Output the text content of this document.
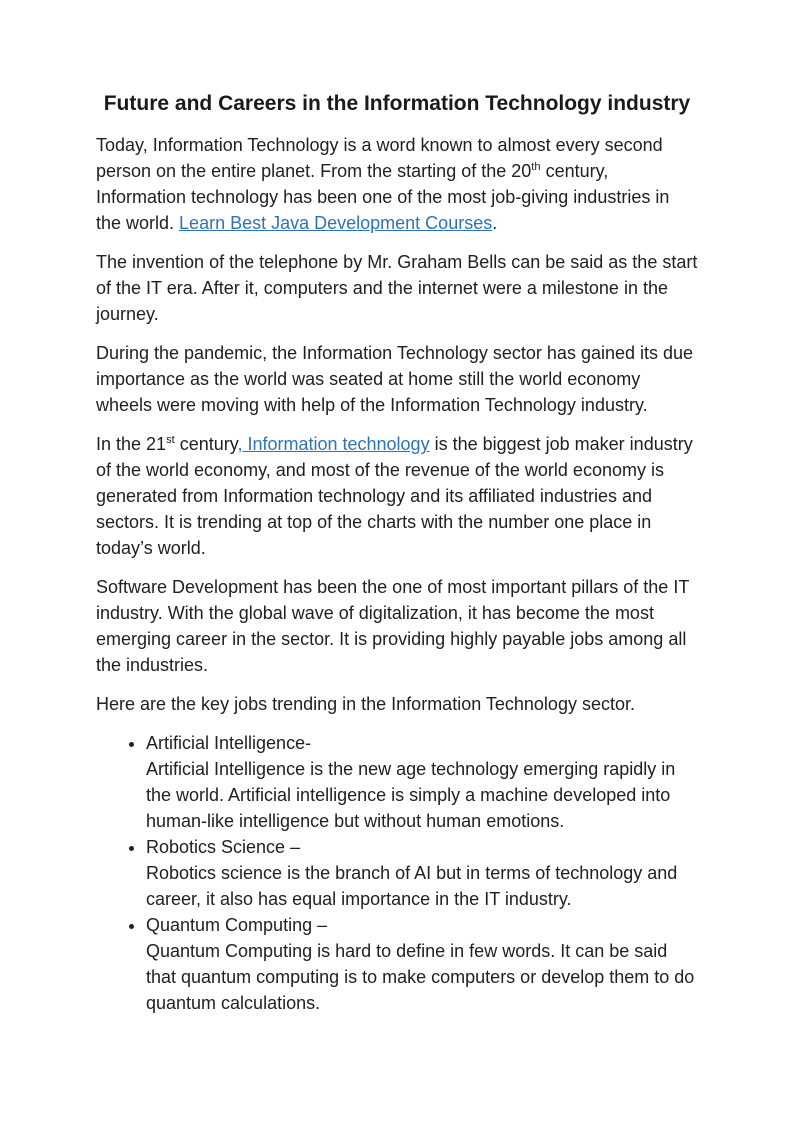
Future and Careers in the Information Technology industry

Today, Information Technology is a word known to almost every second person on the entire planet. From the starting of the 20th century, Information technology has been one of the most job-giving industries in the world. Learn Best Java Development Courses.

The invention of the telephone by Mr. Graham Bells can be said as the start of the IT era. After it, computers and the internet were a milestone in the journey.

During the pandemic, the Information Technology sector has gained its due importance as the world was seated at home still the world economy wheels were moving with help of the Information Technology industry.

In the 21st century, Information technology is the biggest job maker industry of the world economy, and most of the revenue of the world economy is generated from Information technology and its affiliated industries and sectors. It is trending at top of the charts with the number one place in today’s world.

Software Development has been the one of most important pillars of the IT industry. With the global wave of digitalization, it has become the most emerging career in the sector. It is providing highly payable jobs among all the industries.

Here are the key jobs trending in the Information Technology sector.

• Artificial Intelligence-
Artificial Intelligence is the new age technology emerging rapidly in the world. Artificial intelligence is simply a machine developed into human-like intelligence but without human emotions.
• Robotics Science –
Robotics science is the branch of AI but in terms of technology and career, it also has equal importance in the IT industry.
• Quantum Computing –
Quantum Computing is hard to define in few words. It can be said that quantum computing is to make computers or develop them to do quantum calculations.
